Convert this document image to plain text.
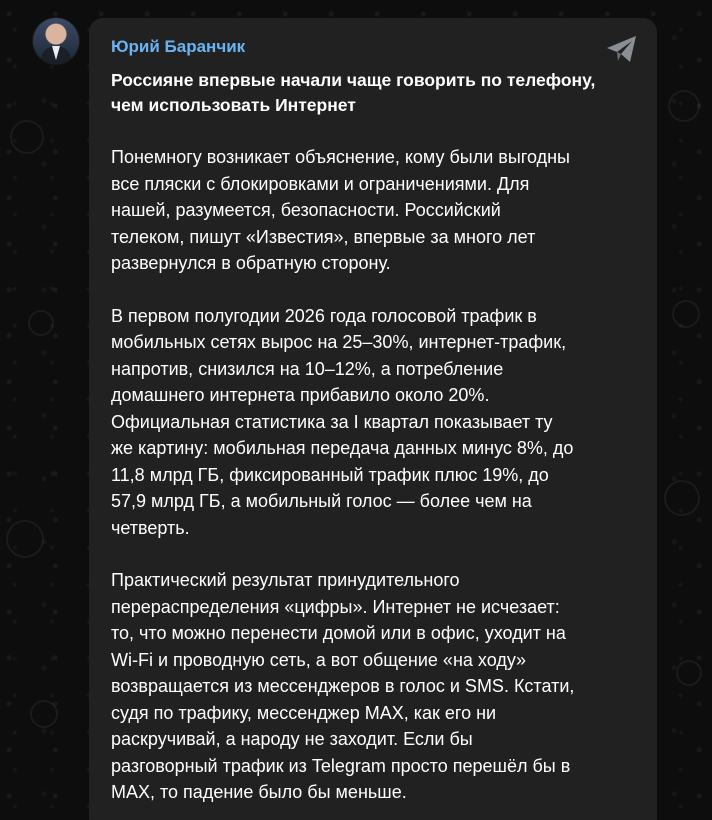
Юрий Баранчик

Россияне впервые начали чаще говорить по телефону,
чем использовать Интернет

Понемногу возникает объяснение, кому были выгодны
все пляски с блокировками и ограничениями. Для
нашей, разумеется, безопасности. Российский
телеком, пишут «Известия», впервые за много лет
развернулся в обратную сторону.

В первом полугодии 2026 года голосовой трафик в
мобильных сетях вырос на 25–30%, интернет-трафик,
напротив, снизился на 10–12%, а потребление
домашнего интернета прибавило около 20%.
Официальная статистика за I квартал показывает ту
же картину: мобильная передача данных минус 8%, до
11,8 млрд ГБ, фиксированный трафик плюс 19%, до
57,9 млрд ГБ, а мобильный голос — более чем на
четверть.

Практический результат принудительного
перераспределения «цифры». Интернет не исчезает:
то, что можно перенести домой или в офис, уходит на
Wi-Fi и проводную сеть, а вот общение «на ходу»
возвращается из мессенджеров в голос и SMS. Кстати,
судя по трафику, мессенджер MAX, как его ни
раскручивай, а народу не заходит. Если бы
разговорный трафик из Telegram просто перешёл бы в
MAX, то падение было бы меньше.
